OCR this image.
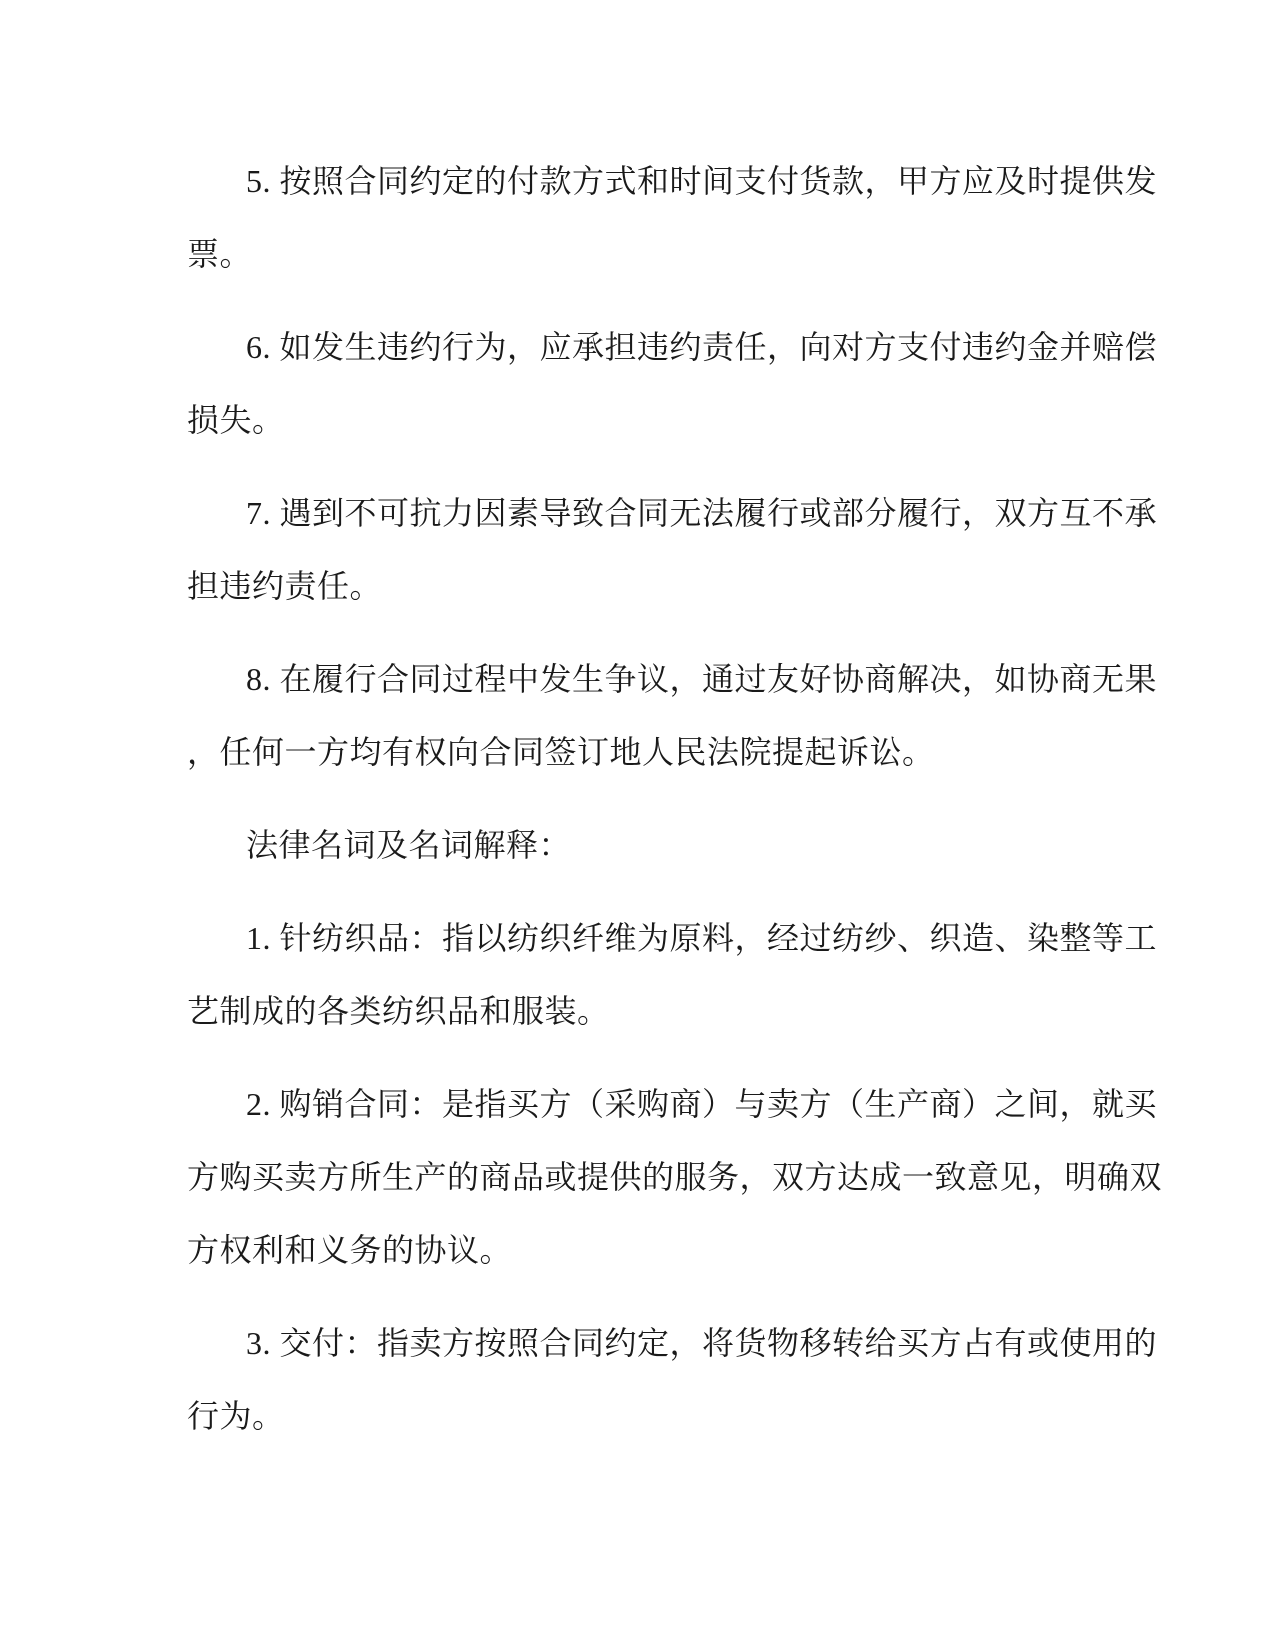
5. 按照合同约定的付款方式和时间支付货款，甲方应及时提供发
票。
6. 如发生违约行为，应承担违约责任，向对方支付违约金并赔偿
损失。
7. 遇到不可抗力因素导致合同无法履行或部分履行，双方互不承
担违约责任。
8. 在履行合同过程中发生争议，通过友好协商解决，如协商无果
，任何一方均有权向合同签订地人民法院提起诉讼。
法律名词及名词解释：
1. 针纺织品：指以纺织纤维为原料，经过纺纱、织造、染整等工
艺制成的各类纺织品和服装。
2. 购销合同：是指买方（采购商）与卖方（生产商）之间，就买
方购买卖方所生产的商品或提供的服务，双方达成一致意见，明确双
方权利和义务的协议。
3. 交付：指卖方按照合同约定，将货物移转给买方占有或使用的
行为。
